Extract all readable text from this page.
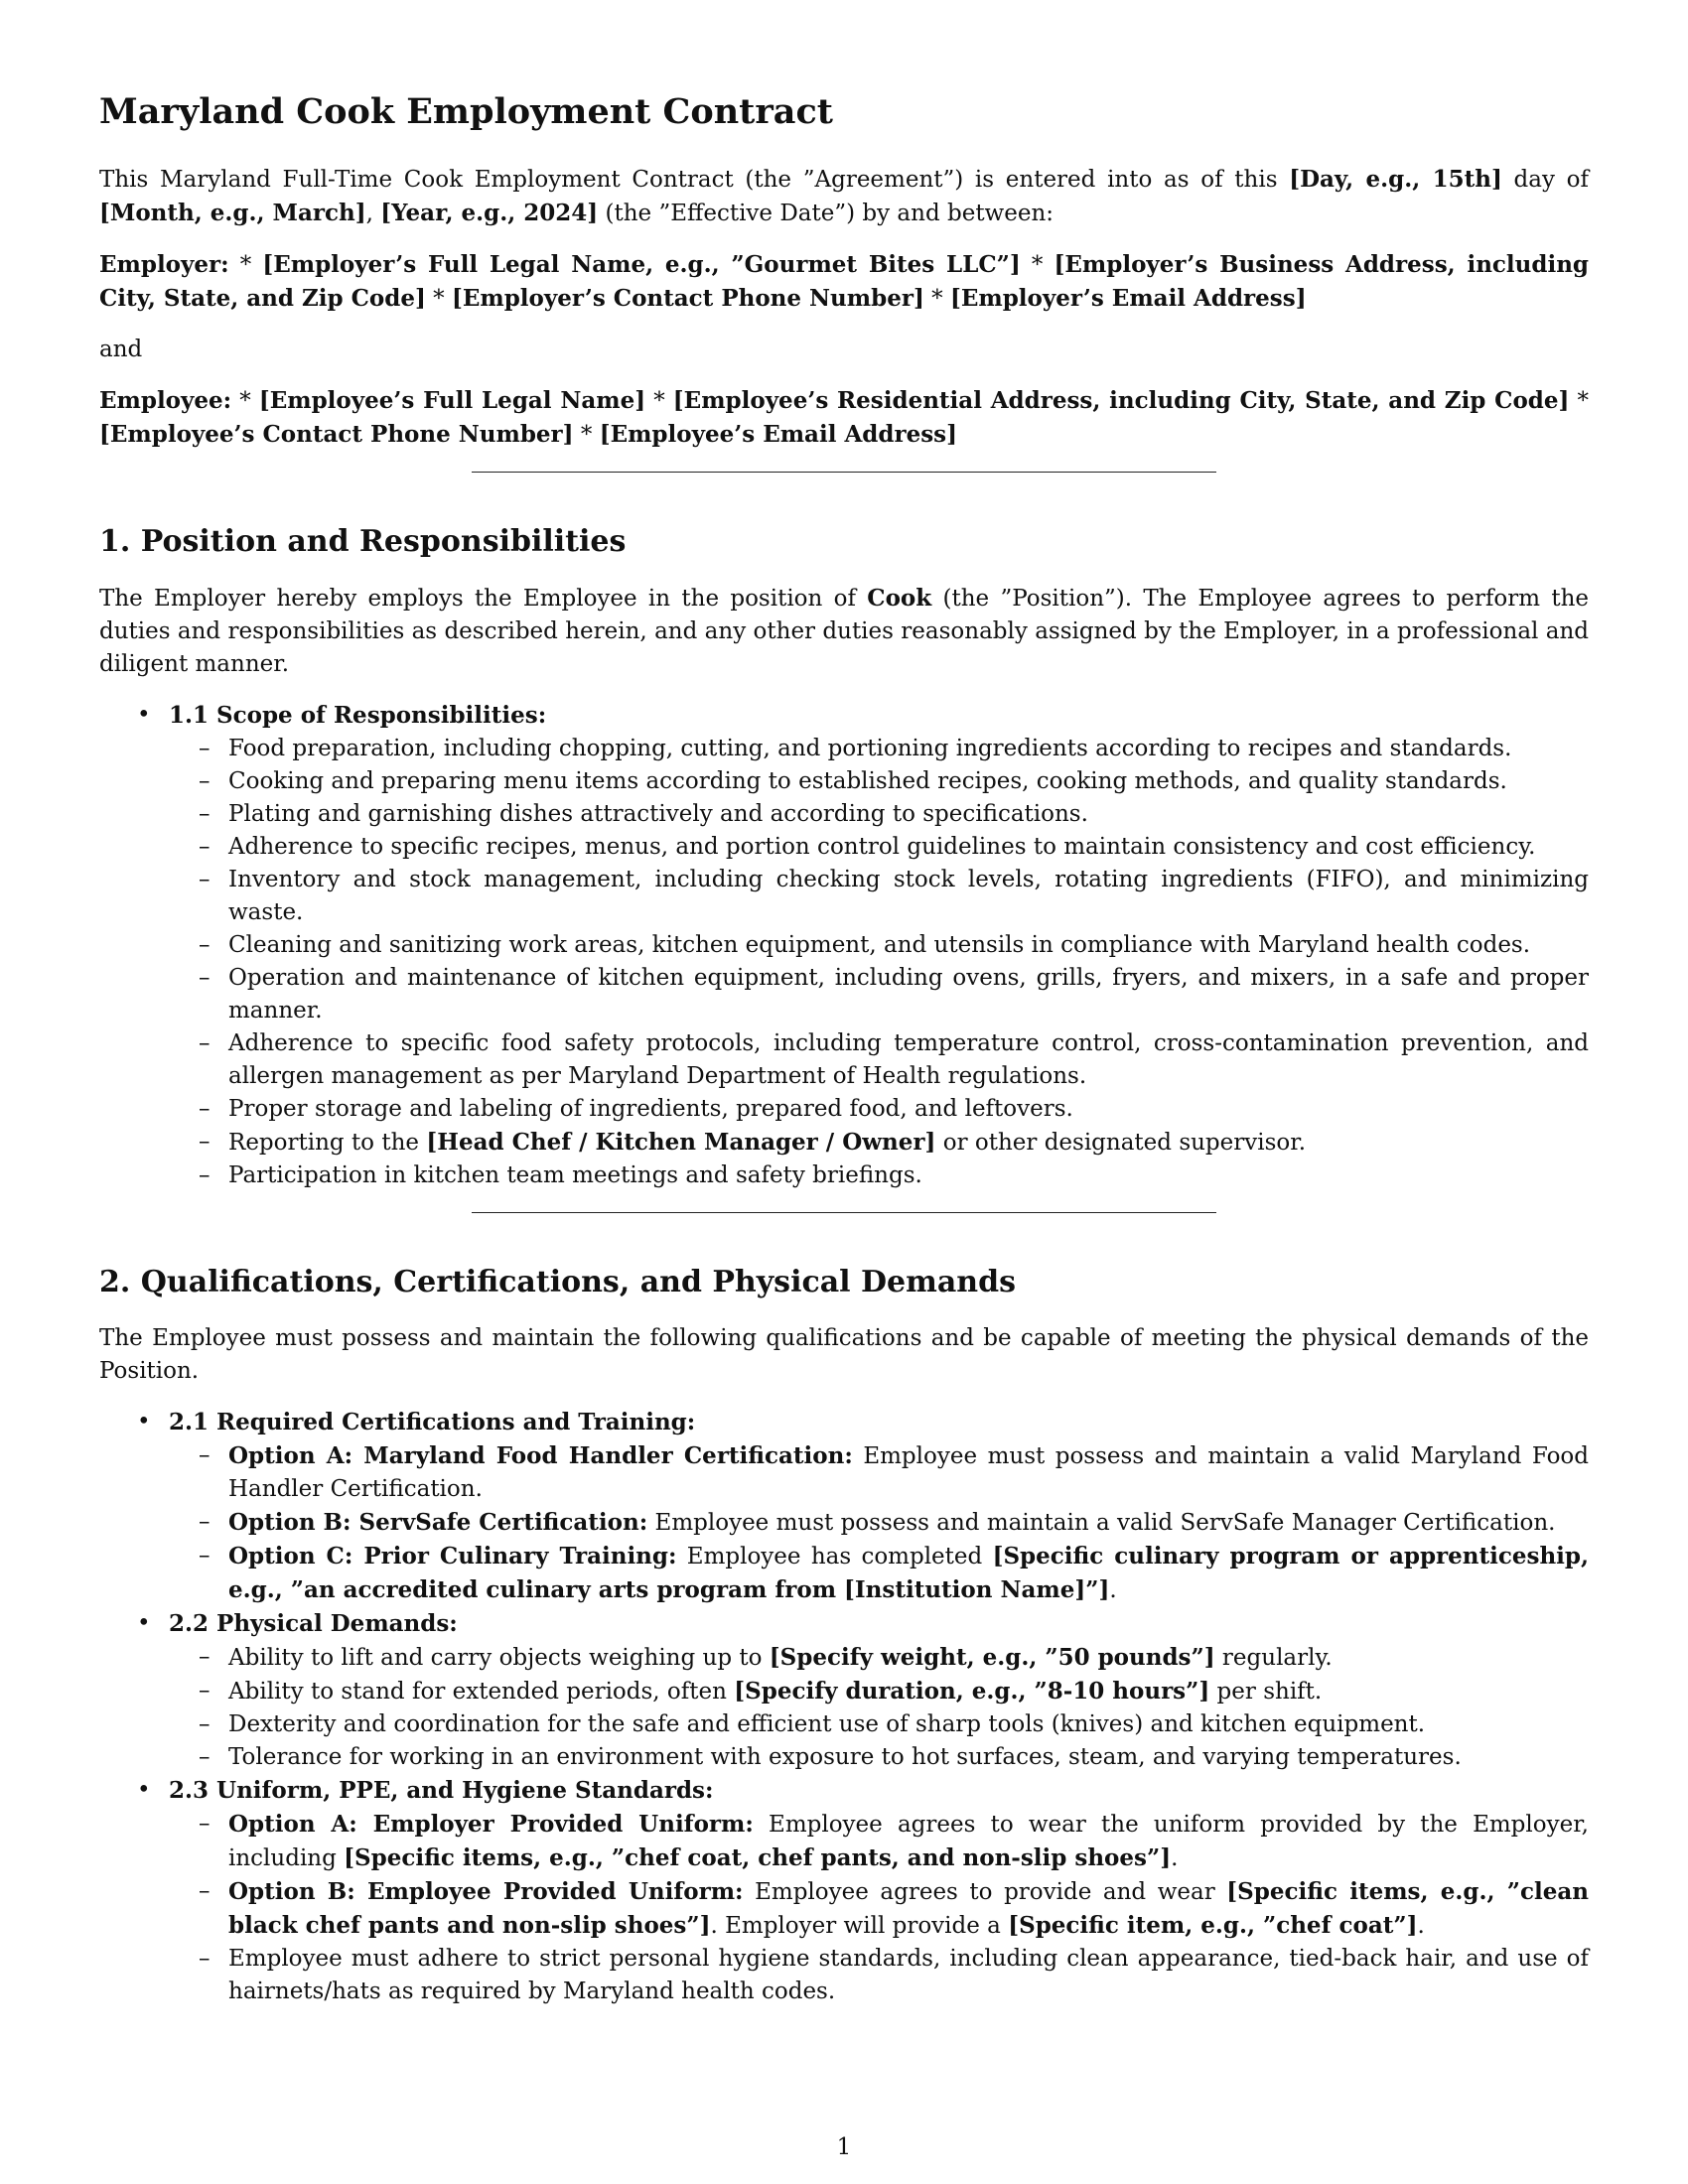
Maryland Cook Employment Contract

This Maryland Full-Time Cook Employment Contract (the ”Agreement”) is entered into as of this [Day, e.g., 15th] day of [Month, e.g., March], [Year, e.g., 2024] (the ”Effective Date”) by and between:

Employer: * [Employer’s Full Legal Name, e.g., ”Gourmet Bites LLC”] * [Employer’s Business Address, including City, State, and Zip Code] * [Employer’s Contact Phone Number] * [Employer’s Email Address]

and

Employee: * [Employee’s Full Legal Name] * [Employee’s Residential Address, including City, State, and Zip Code] * [Employee’s Contact Phone Number] * [Employee’s Email Address]

1. Position and Responsibilities

The Employer hereby employs the Employee in the position of Cook (the ”Position”). The Employee agrees to perform the duties and responsibilities as described herein, and any other duties reasonably assigned by the Employer, in a professional and diligent manner.

• 1.1 Scope of Responsibilities:
– Food preparation, including chopping, cutting, and portioning ingredients according to recipes and standards.
– Cooking and preparing menu items according to established recipes, cooking methods, and quality standards.
– Plating and garnishing dishes attractively and according to specifications.
– Adherence to specific recipes, menus, and portion control guidelines to maintain consistency and cost efficiency.
– Inventory and stock management, including checking stock levels, rotating ingredients (FIFO), and minimizing waste.
– Cleaning and sanitizing work areas, kitchen equipment, and utensils in compliance with Maryland health codes.
– Operation and maintenance of kitchen equipment, including ovens, grills, fryers, and mixers, in a safe and proper manner.
– Adherence to specific food safety protocols, including temperature control, cross-contamination prevention, and allergen management as per Maryland Department of Health regulations.
– Proper storage and labeling of ingredients, prepared food, and leftovers.
– Reporting to the [Head Chef / Kitchen Manager / Owner] or other designated supervisor.
– Participation in kitchen team meetings and safety briefings.
2. Qualifications, Certifications, and Physical Demands

The Employee must possess and maintain the following qualifications and be capable of meeting the physical demands of the Position.

• 2.1 Required Certifications and Training:
– Option A: Maryland Food Handler Certification: Employee must possess and maintain a valid Maryland Food Handler Certification.
– Option B: ServSafe Certification: Employee must possess and maintain a valid ServSafe Manager Certification.
– Option C: Prior Culinary Training: Employee has completed [Specific culinary program or apprenticeship, e.g., ”an accredited culinary arts program from [Institution Name]”].
• 2.2 Physical Demands:
– Ability to lift and carry objects weighing up to [Specify weight, e.g., ”50 pounds”] regularly.
– Ability to stand for extended periods, often [Specify duration, e.g., ”8-10 hours”] per shift.
– Dexterity and coordination for the safe and efficient use of sharp tools (knives) and kitchen equipment.
– Tolerance for working in an environment with exposure to hot surfaces, steam, and varying temperatures.
• 2.3 Uniform, PPE, and Hygiene Standards:
– Option A: Employer Provided Uniform: Employee agrees to wear the uniform provided by the Employer, including [Specific items, e.g., ”chef coat, chef pants, and non-slip shoes”].
– Option B: Employee Provided Uniform: Employee agrees to provide and wear [Specific items, e.g., ”clean black chef pants and non-slip shoes”]. Employer will provide a [Specific item, e.g., ”chef coat”].
– Employee must adhere to strict personal hygiene standards, including clean appearance, tied-back hair, and use of hairnets/hats as required by Maryland health codes.
1
